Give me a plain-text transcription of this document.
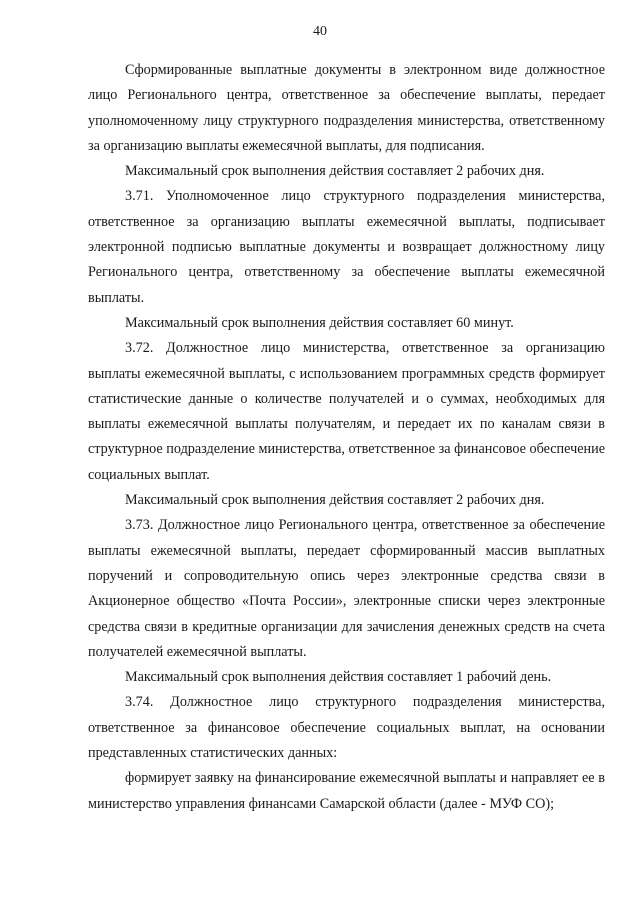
40

Сформированные выплатные документы в электронном виде должностное лицо Регионального центра, ответственное за обеспечение выплаты, передает уполномоченному лицу структурного подразделения министерства, ответственному за организацию выплаты ежемесячной выплаты, для подписания.

Максимальный срок выполнения действия составляет 2 рабочих дня.

3.71. Уполномоченное лицо структурного подразделения министерства, ответственное за организацию выплаты ежемесячной выплаты, подписывает электронной подписью выплатные документы и возвращает должностному лицу Регионального центра, ответственному за обеспечение выплаты ежемесячной выплаты.

Максимальный срок выполнения действия составляет 60 минут.

3.72. Должностное лицо министерства, ответственное за организацию выплаты ежемесячной выплаты, с использованием программных средств формирует статистические данные о количестве получателей и о суммах, необходимых для выплаты ежемесячной выплаты получателям, и передает их по каналам связи в структурное подразделение министерства, ответственное за финансовое обеспечение социальных выплат.

Максимальный срок выполнения действия составляет 2 рабочих дня.

3.73. Должностное лицо Регионального центра, ответственное за обеспечение выплаты ежемесячной выплаты, передает сформированный массив выплатных поручений и сопроводительную опись через электронные средства связи в Акционерное общество «Почта России», электронные списки через электронные средства связи в кредитные организации для зачисления денежных средств на счета получателей ежемесячной выплаты.

Максимальный срок выполнения действия составляет 1 рабочий день.

3.74. Должностное лицо структурного подразделения министерства, ответственное за финансовое обеспечение социальных выплат, на основании представленных статистических данных:

формирует заявку на финансирование ежемесячной выплаты и направляет ее в министерство управления финансами Самарской области (далее - МУФ СО);
